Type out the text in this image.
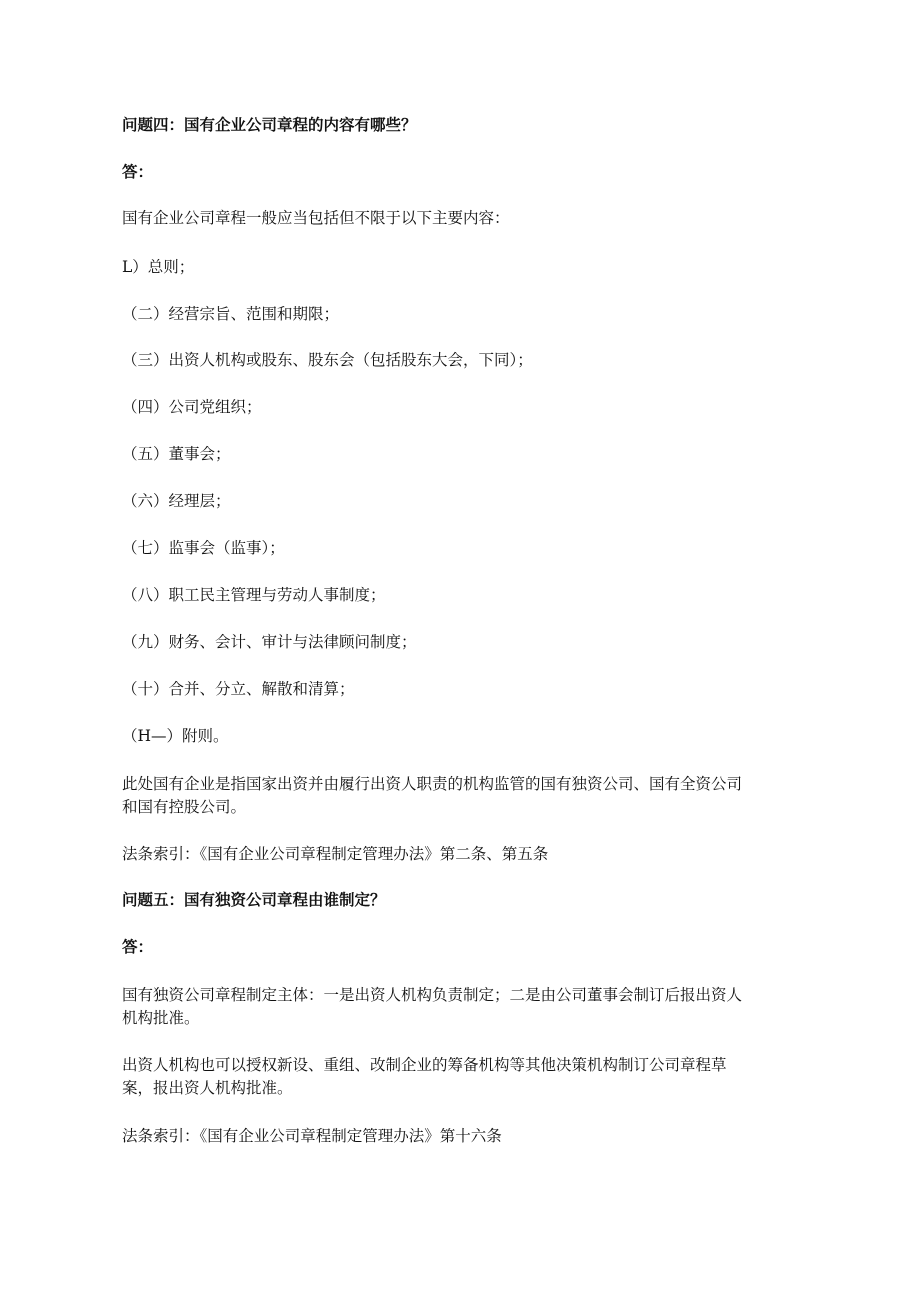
问题四：国有企业公司章程的内容有哪些？
答：
国有企业公司章程一般应当包括但不限于以下主要内容：
L）总则；
（二）经营宗旨、范围和期限；
（三）出资人机构或股东、股东会（包括股东大会，下同）；
（四）公司党组织；
（五）董事会；
（六）经理层；
（七）监事会（监事）；
（八）职工民主管理与劳动人事制度；
（九）财务、会计、审计与法律顾问制度；
（十）合并、分立、解散和清算；
（H—）附则。
此处国有企业是指国家出资并由履行出资人职责的机构监管的国有独资公司、国有全资公司
和国有控股公司。
法条索引：《国有企业公司章程制定管理办法》第二条、第五条
问题五：国有独资公司章程由谁制定？
答：
国有独资公司章程制定主体：一是出资人机构负责制定；二是由公司董事会制订后报出资人
机构批准。
出资人机构也可以授权新设、重组、改制企业的筹备机构等其他决策机构制订公司章程草
案，报出资人机构批准。
法条索引：《国有企业公司章程制定管理办法》第十六条
